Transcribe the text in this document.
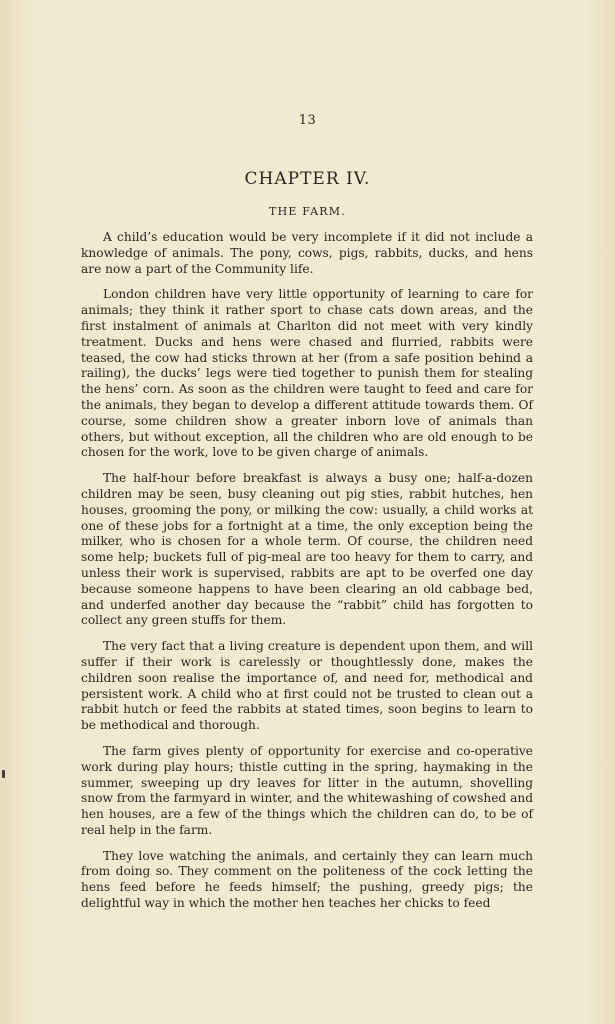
13
CHAPTER IV.
THE FARM.

A child’s education would be very incomplete if it did not include a knowledge of animals. The pony, cows, pigs, rabbits, ducks, and hens are now a part of the Community life.

London children have very little opportunity of learning to care for animals; they think it rather sport to chase cats down areas, and the first instalment of animals at Charlton did not meet with very kindly treatment. Ducks and hens were chased and flurried, rabbits were teased, the cow had sticks thrown at her (from a safe position behind a railing), the ducks’ legs were tied together to punish them for stealing the hens’ corn. As soon as the children were taught to feed and care for the animals, they began to develop a different attitude towards them. Of course, some children show a greater inborn love of animals than others, but without exception, all the children who are old enough to be chosen for the work, love to be given charge of animals.

The half-hour before breakfast is always a busy one; half-a-dozen children may be seen, busy cleaning out pig sties, rabbit hutches, hen houses, grooming the pony, or milking the cow: usually, a child works at one of these jobs for a fortnight at a time, the only exception being the milker, who is chosen for a whole term. Of course, the children need some help; buckets full of pig-meal are too heavy for them to carry, and unless their work is supervised, rabbits are apt to be overfed one day because someone happens to have been clearing an old cabbage bed, and underfed another day because the “rabbit” child has forgotten to collect any green stuffs for them.

The very fact that a living creature is dependent upon them, and will suffer if their work is carelessly or thoughtlessly done, makes the children soon realise the importance of, and need for, methodical and persistent work. A child who at first could not be trusted to clean out a rabbit hutch or feed the rabbits at stated times, soon begins to learn to be methodical and thorough.

The farm gives plenty of opportunity for exercise and co-operative work during play hours; thistle cutting in the spring, haymaking in the summer, sweeping up dry leaves for litter in the autumn, shovelling snow from the farmyard in winter, and the whitewashing of cowshed and hen houses, are a few of the things which the children can do, to be of real help in the farm.

They love watching the animals, and certainly they can learn much from doing so. They comment on the politeness of the cock letting the hens feed before he feeds himself; the pushing, greedy pigs; the delightful way in which the mother hen teaches her chicks to feed
